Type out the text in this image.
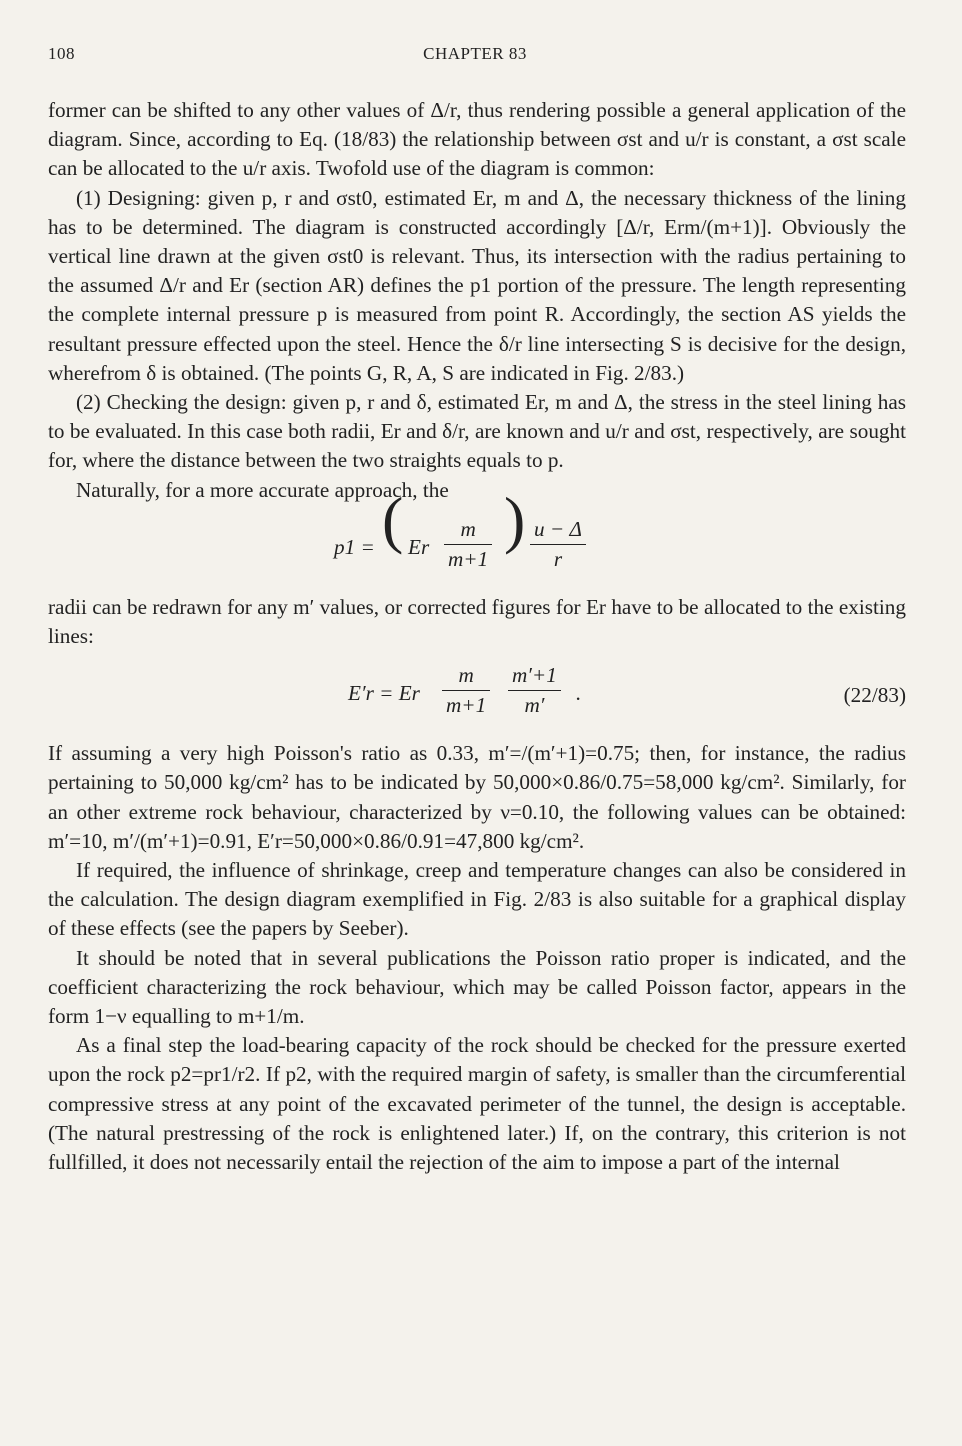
108	CHAPTER 83

former can be shifted to any other values of Δ/r, thus rendering possible a general application of the diagram. Since, according to Eq. (18/83) the relationship between σst and u/r is constant, a σst scale can be allocated to the u/r axis. Twofold use of the diagram is common:

(1) Designing: given p, r and σst0, estimated Er, m and Δ, the necessary thickness of the lining has to be determined. The diagram is constructed accordingly [Δ/r, Erm/(m+1)]. Obviously the vertical line drawn at the given σst0 is relevant. Thus, its intersection with the radius pertaining to the assumed Δ/r and Er (section AR) defines the p1 portion of the pressure. The length representing the complete internal pressure p is measured from point R. Accordingly, the section AS yields the resultant pressure effected upon the steel. Hence the δ/r line intersecting S is decisive for the design, wherefrom δ is obtained. (The points G, R, A, S are indicated in Fig. 2/83.)

(2) Checking the design: given p, r and δ, estimated Er, m and Δ, the stress in the steel lining has to be evaluated. In this case both radii, Er and δ/r, are known and u/r and σst, respectively, are sought for, where the distance between the two straights equals to p.

Naturally, for a more accurate approach, the

p1 = ( Er $\frac{m}{m+1}$ ) $\frac{u - \Delta}{r}$

radii can be redrawn for any m′ values, or corrected figures for Er have to be allocated to the existing lines:

E′r = Er $\frac{m}{m+1} \frac{m'+1}{m'}$ .	(22/83)

If assuming a very high Poisson's ratio as 0.33, m′=/(m′+1)=0.75; then, for instance, the radius pertaining to 50,000 kg/cm² has to be indicated by 50,000×0.86/0.75=58,000 kg/cm². Similarly, for an other extreme rock behaviour, characterized by ν=0.10, the following values can be obtained: m′=10, m′/(m′+1)=0.91, E′r=50,000×0.86/0.91=47,800 kg/cm².

If required, the influence of shrinkage, creep and temperature changes can also be considered in the calculation. The design diagram exemplified in Fig. 2/83 is also suitable for a graphical display of these effects (see the papers by Seeber).

It should be noted that in several publications the Poisson ratio proper is indicated, and the coefficient characterizing the rock behaviour, which may be called Poisson factor, appears in the form 1−ν equalling to m+1/m.

As a final step the load-bearing capacity of the rock should be checked for the pressure exerted upon the rock p2=pr1/r2. If p2, with the required margin of safety, is smaller than the circumferential compressive stress at any point of the excavated perimeter of the tunnel, the design is acceptable. (The natural prestressing of the rock is enlightened later.) If, on the contrary, this criterion is not fullfilled, it does not necessarily entail the rejection of the aim to impose a part of the internal
